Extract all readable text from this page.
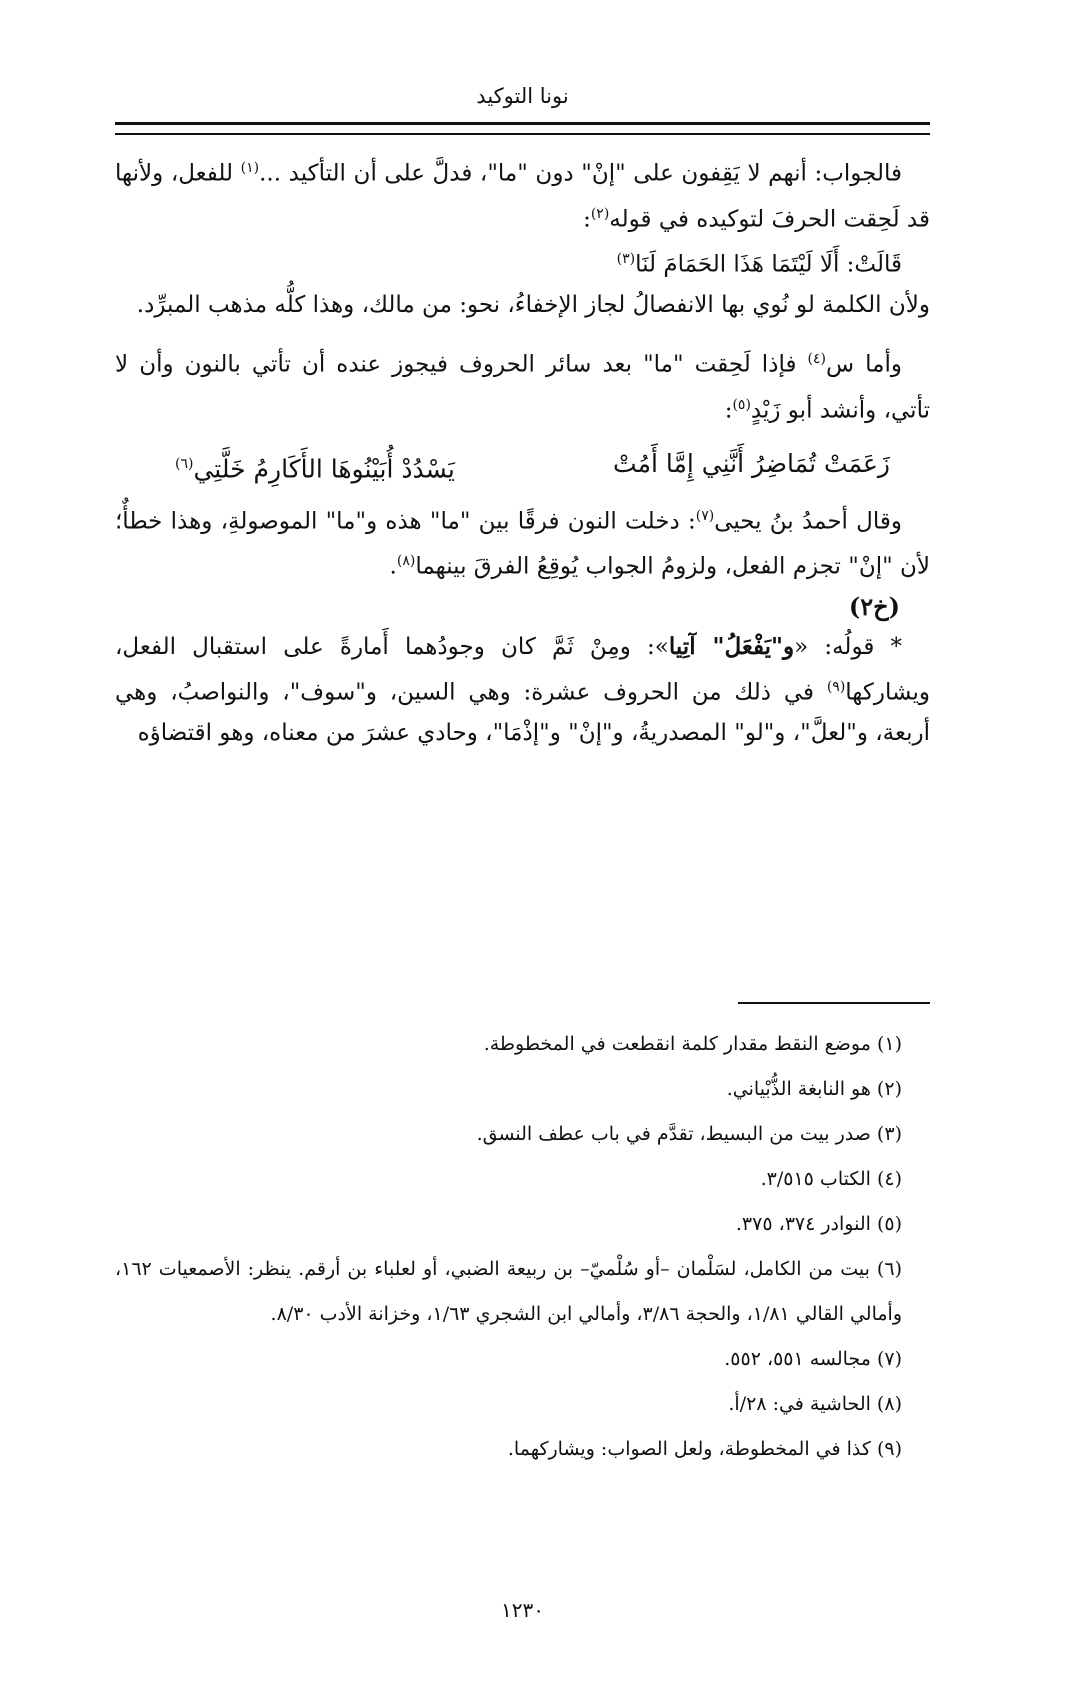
نونا التوكيد

فالجواب: أنهم لا يَقِفون على "إنْ" دون "ما"، فدلَّ على أن التأكيد ...$^{(١)}$ للفعل، ولأنها قد لَحِقت الحرفَ لتوكيده في قوله$^{(٢)}$:

قَالَتْ: أَلَا لَيْتَمَا هَذَا الحَمَامَ لَنَا$^{(٣)}$

ولأن الكلمة لو نُوي بها الانفصالُ لجاز الإخفاءُ، نحو: من مالك، وهذا كلُّه مذهب المبرِّد.

وأما س$^{(٤)}$ فإذا لَحِقت "ما" بعد سائر الحروف فيجوز عنده أن تأتي بالنون وأن لا تأتي، وأنشد أبو زَيْدٍ$^{(٥)}$:

زَعَمَتْ تُمَاضِرُ أَنَّنِي إِمَّا أَمُتْ
يَسْدُدْ أُبَيْنُوهَا الأَكَارِمُ خَلَّتِي$^{(٦)}$

وقال أحمدُ بنُ يحيى$^{(٧)}$: دخلت النون فرقًا بين "ما" هذه و"ما" الموصولةِ، وهذا خطأٌ؛ لأن "إنْ" تجزم الفعل، ولزومُ الجواب يُوقِعُ الفرقَ بينهما$^{(٨)}$.

(خ٢)

* قولُه: «و"يَفْعَلُ" آتِيا»: ومِنْ ثَمَّ كان وجودُهما أَمارةً على استقبال الفعل، ويشاركها$^{(٩)}$ في ذلك من الحروف عشرة: وهي السين، و"سوف"، والنواصبُ، وهي أربعة، و"لعلَّ"، و"لو" المصدريةُ، و"إنْ" و"إذْمَا"، وحادي عشرَ من معناه، وهو اقتضاؤه

(١) موضع النقط مقدار كلمة انقطعت في المخطوطة.

(٢) هو النابغة الذُّبْياني.

(٣) صدر بيت من البسيط، تقدَّم في باب عطف النسق.

(٤) الكتاب ٣/٥١٥.

(٥) النوادر ٣٧٤، ٣٧٥.

(٦) بيت من الكامل، لسَلْمان –أو سُلْميّ– بن ربيعة الضبي، أو لعلباء بن أرقم. ينظر: الأصمعيات ١٦٢، وأمالي القالي ١/٨١، والحجة ٣/٨٦، وأمالي ابن الشجري ١/٦٣، وخزانة الأدب ٨/٣٠.

(٧) مجالسه ٥٥١، ٥٥٢.

(٨) الحاشية في: ٢٨/أ.

(٩) كذا في المخطوطة، ولعل الصواب: ويشاركهما.

١٢٣٠
